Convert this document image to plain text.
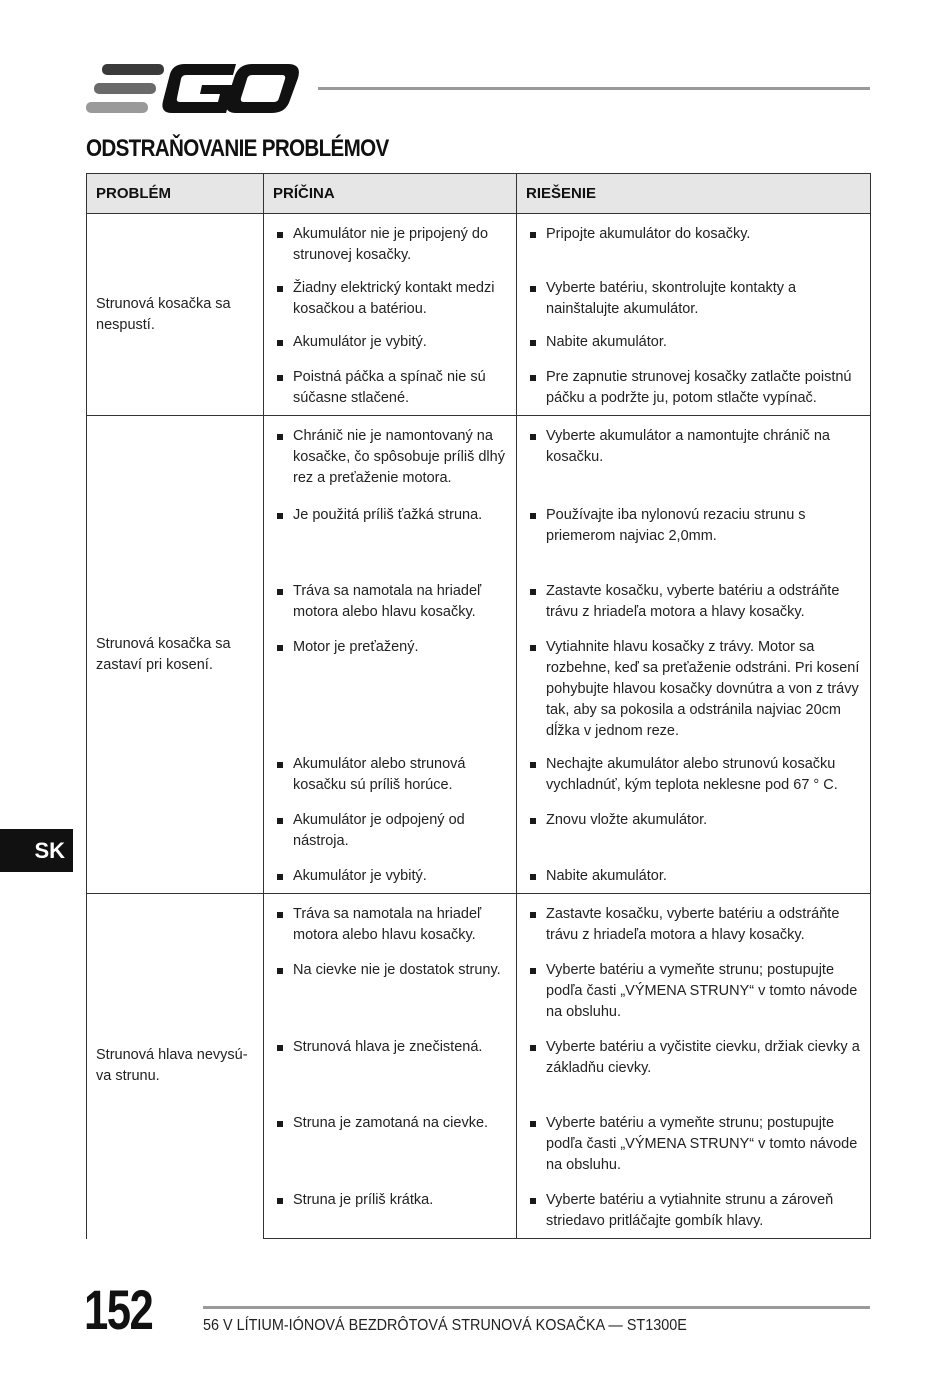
ODSTRAŇOVANIE PROBLÉMOV
PROBLÉM	PRÍČINA	RIEŠENIE
Strunová kosačka sa nespustí.	Akumulátor nie je pripojený do strunovej kosačky.	Pripojte akumulátor do kosačky.

	Žiadny elektrický kontakt medzi kosačkou a batériou.	Vyberte batériu, skontrolujte kontakty a nainštalujte akumulátor.

	Akumulátor je vybitý.	Nabite akumulátor.

	Poistná páčka a spínač nie sú súčasne stlačené.	Pre zapnutie strunovej kosačky zatlačte poistnú páčku a podržte ju, potom stlačte vypínač.

Strunová kosačka sa zastaví pri kosení.	Chránič nie je namontovaný na kosačke, čo spôsobuje príliš dlhý rez a preťaženie motora.	Vyberte akumulátor a namontujte chránič na kosačku.

	Je použitá príliš ťažká struna.	Používajte iba nylonovú rezaciu strunu s priemerom najviac 2,0mm.

	Tráva sa namotala na hriadeľ motora alebo hlavu kosačky.	Zastavte kosačku, vyberte batériu a odstráňte trávu z hriadeľa motora a hlavy kosačky.

	Motor je preťažený.	Vytiahnite hlavu kosačky z trávy. Motor sa rozbehne, keď sa preťaženie odstráni. Pri kosení pohybujte hlavou kosačky dovnútra a von z trávy tak, aby sa pokosila a odstránila najviac 20cm dĺžka v jednom reze.

	Akumulátor alebo strunová kosačku sú príliš horúce.	Nechajte akumulátor alebo strunovú kosačku vychladnúť, kým teplota neklesne pod 67 ° C.

	Akumulátor je odpojený od nástroja.	Znovu vložte akumulátor.

	Akumulátor je vybitý.	Nabite akumulátor.

Strunová hlava nevysú-va strunu.	Tráva sa namotala na hriadeľ motora alebo hlavu kosačky.	Zastavte kosačku, vyberte batériu a odstráňte trávu z hriadeľa motora a hlavy kosačky.

	Na cievke nie je dostatok struny.	Vyberte batériu a vymeňte strunu; postupujte podľa časti „VÝMENA STRUNY“ v tomto návode na obsluhu.

	Strunová hlava je znečistená.	Vyberte batériu a vyčistite cievku, držiak cievky a základňu cievky.

	Struna je zamotaná na cievke.	Vyberte batériu a vymeňte strunu; postupujte podľa časti „VÝMENA STRUNY“ v tomto návode na obsluhu.

	Struna je príliš krátka.	Vyberte batériu a vytiahnite strunu a zároveň striedavo pritláčajte gombík hlavy.
SK
152	56 V LÍTIUM-IÓNOVÁ BEZDRÔTOVÁ STRUNOVÁ KOSAČKA — ST1300E
